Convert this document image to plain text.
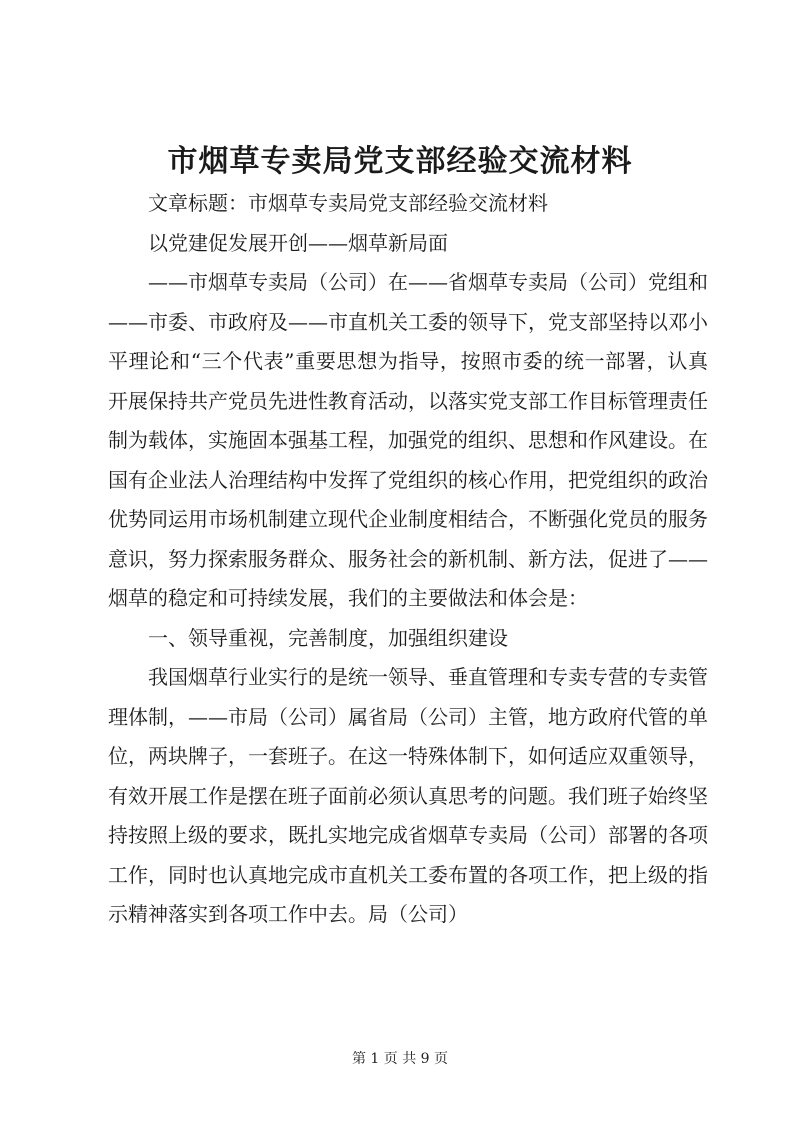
市烟草专卖局党支部经验交流材料

文章标题：市烟草专卖局党支部经验交流材料

以党建促发展开创——烟草新局面

——市烟草专卖局（公司）在——省烟草专卖局（公司）党组和——市委、市政府及——市直机关工委的领导下，党支部坚持以邓小平理论和“三个代表”重要思想为指导，按照市委的统一部署，认真开展保持共产党员先进性教育活动，以落实党支部工作目标管理责任制为载体，实施固本强基工程，加强党的组织、思想和作风建设。在国有企业法人治理结构中发挥了党组织的核心作用，把党组织的政治优势同运用市场机制建立现代企业制度相结合，不断强化党员的服务意识，努力探索服务群众、服务社会的新机制、新方法，促进了——烟草的稳定和可持续发展，我们的主要做法和体会是：

一、领导重视，完善制度，加强组织建设

我国烟草行业实行的是统一领导、垂直管理和专卖专营的专卖管理体制，——市局（公司）属省局（公司）主管，地方政府代管的单位，两块牌子，一套班子。在这一特殊体制下，如何适应双重领导，有效开展工作是摆在班子面前必须认真思考的问题。我们班子始终坚持按照上级的要求，既扎实地完成省烟草专卖局（公司）部署的各项工作，同时也认真地完成市直机关工委布置的各项工作，把上级的指示精神落实到各项工作中去。局（公司）

第 1 页 共 9 页
